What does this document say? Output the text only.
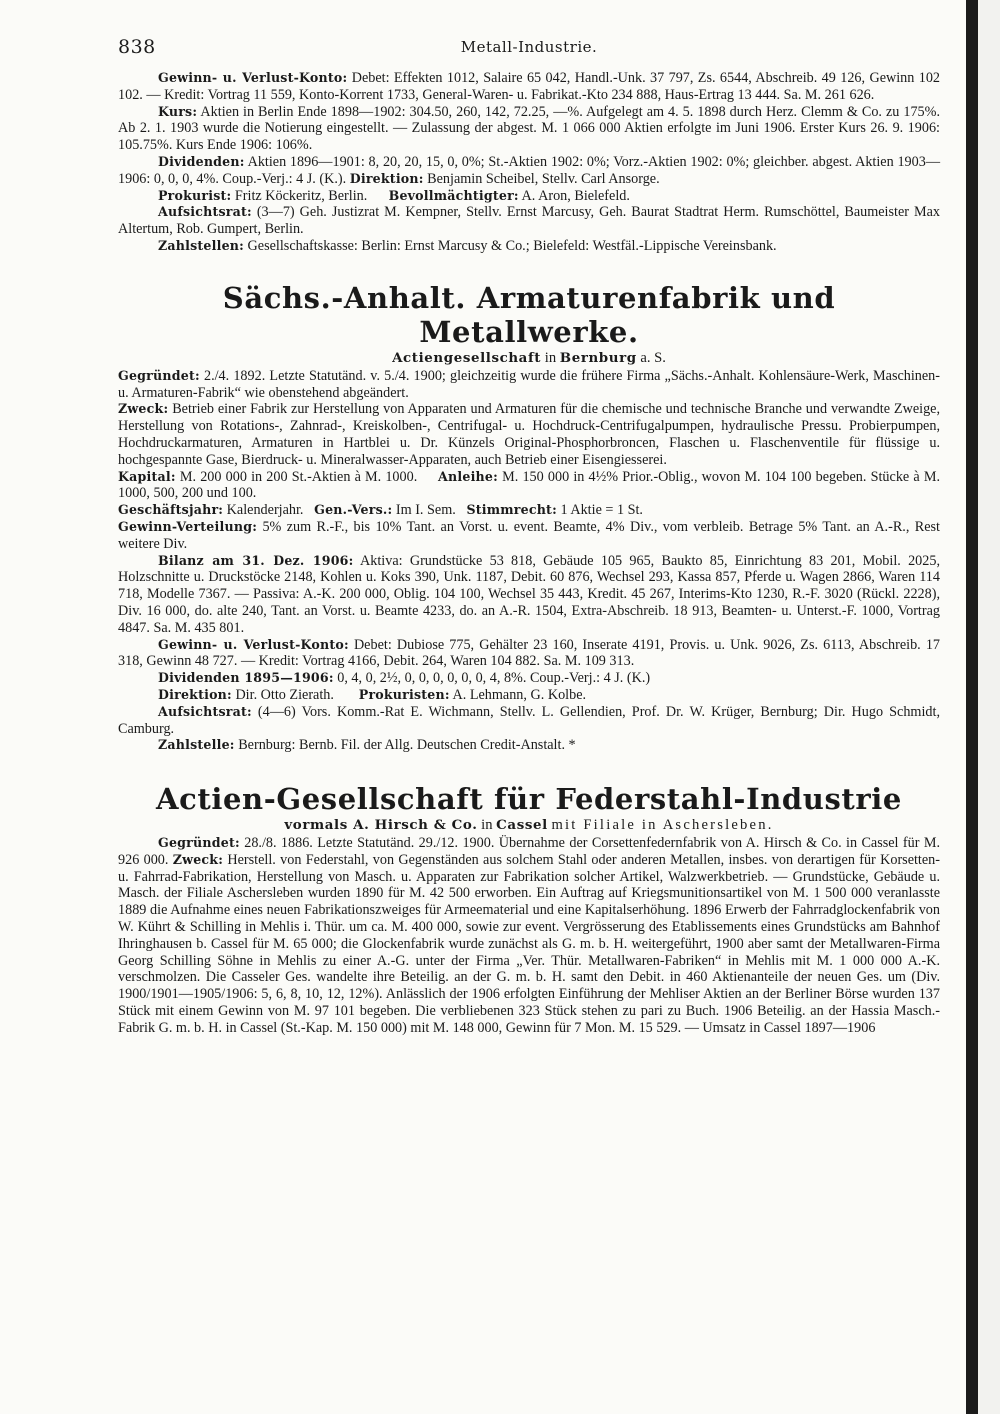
838	Metall-Industrie.

Gewinn- u. Verlust-Konto: Debet: Effekten 1012, Salaire 65 042, Handl.-Unk. 37 797, Zs. 6544, Abschreib. 49 126, Gewinn 102 102. — Kredit: Vortrag 11 559, Konto-Korrent 1733, General-Waren- u. Fabrikat.-Kto 234 888, Haus-Ertrag 13 444. Sa. M. 261 626.

Kurs: Aktien in Berlin Ende 1898—1902: 304.50, 260, 142, 72.25, —%. Aufgelegt am 4. 5. 1898 durch Herz. Clemm & Co. zu 175%. Ab 2. 1. 1903 wurde die Notierung eingestellt. — Zulassung der abgest. M. 1 066 000 Aktien erfolgte im Juni 1906. Erster Kurs 26. 9. 1906: 105.75%. Kurs Ende 1906: 106%.

Dividenden: Aktien 1896—1901: 8, 20, 20, 15, 0, 0%; St.-Aktien 1902: 0%; Vorz.-Aktien 1902: 0%; gleichber. abgest. Aktien 1903—1906: 0, 0, 0, 4%. Coup.-Verj.: 4 J. (K.). Direktion: Benjamin Scheibel, Stellv. Carl Ansorge.

Prokurist: Fritz Köckeritz, Berlin. Bevollmächtigter: A. Aron, Bielefeld.

Aufsichtsrat: (3—7) Geh. Justizrat M. Kempner, Stellv. Ernst Marcusy, Geh. Baurat Stadtrat Herm. Rumschöttel, Baumeister Max Altertum, Rob. Gumpert, Berlin.

Zahlstellen: Gesellschaftskasse: Berlin: Ernst Marcusy & Co.; Bielefeld: Westfäl.-Lippische Vereinsbank.

Sächs.-Anhalt. Armaturenfabrik und Metallwerke.

Actiengesellschaft in Bernburg a. S.

Gegründet: 2./4. 1892. Letzte Statutänd. v. 5./4. 1900; gleichzeitig wurde die frühere Firma „Sächs.-Anhalt. Kohlensäure-Werk, Maschinen- u. Armaturen-Fabrik“ wie obenstehend abgeändert.

Zweck: Betrieb einer Fabrik zur Herstellung von Apparaten und Armaturen für die chemische und technische Branche und verwandte Zweige, Herstellung von Rotations-, Zahnrad-, Kreiskolben-, Centrifugal- u. Hochdruck-Centrifugalpumpen, hydraulische Pressu. Probierpumpen, Hochdruckarmaturen, Armaturen in Hartblei u. Dr. Künzels Original-Phosphorbroncen, Flaschen u. Flaschenventile für flüssige u. hochgespannte Gase, Bierdruck- u. Mineralwasser-Apparaten, auch Betrieb einer Eisengiesserei.

Kapital: M. 200 000 in 200 St.-Aktien à M. 1000. Anleihe: M. 150 000 in 4½% Prior.-Oblig., wovon M. 104 100 begeben. Stücke à M. 1000, 500, 200 und 100.

Geschäftsjahr: Kalenderjahr. Gen.-Vers.: Im I. Sem. Stimmrecht: 1 Aktie = 1 St.

Gewinn-Verteilung: 5% zum R.-F., bis 10% Tant. an Vorst. u. event. Beamte, 4% Div., vom verbleib. Betrage 5% Tant. an A.-R., Rest weitere Div.

Bilanz am 31. Dez. 1906: Aktiva: Grundstücke 53 818, Gebäude 105 965, Baukto 85, Einrichtung 83 201, Mobil. 2025, Holzschnitte u. Druckstöcke 2148, Kohlen u. Koks 390, Unk. 1187, Debit. 60 876, Wechsel 293, Kassa 857, Pferde u. Wagen 2866, Waren 114 718, Modelle 7367. — Passiva: A.-K. 200 000, Oblig. 104 100, Wechsel 35 443, Kredit. 45 267, Interims-Kto 1230, R.-F. 3020 (Rückl. 2228), Div. 16 000, do. alte 240, Tant. an Vorst. u. Beamte 4233, do. an A.-R. 1504, Extra-Abschreib. 18 913, Beamten- u. Unterst.-F. 1000, Vortrag 4847. Sa. M. 435 801.

Gewinn- u. Verlust-Konto: Debet: Dubiose 775, Gehälter 23 160, Inserate 4191, Provis. u. Unk. 9026, Zs. 6113, Abschreib. 17 318, Gewinn 48 727. — Kredit: Vortrag 4166, Debit. 264, Waren 104 882. Sa. M. 109 313.

Dividenden 1895—1906: 0, 4, 0, 2½, 0, 0, 0, 0, 0, 0, 4, 8%. Coup.-Verj.: 4 J. (K.)

Direktion: Dir. Otto Zierath. Prokuristen: A. Lehmann, G. Kolbe.

Aufsichtsrat: (4—6) Vors. Komm.-Rat E. Wichmann, Stellv. L. Gellendien, Prof. Dr. W. Krüger, Bernburg; Dir. Hugo Schmidt, Camburg.

Zahlstelle: Bernburg: Bernb. Fil. der Allg. Deutschen Credit-Anstalt. *

Actien-Gesellschaft für Federstahl-Industrie

vormals A. Hirsch & Co. in Cassel mit Filiale in Aschersleben.

Gegründet: 28./8. 1886. Letzte Statutänd. 29./12. 1900. Übernahme der Corsettenfedernfabrik von A. Hirsch & Co. in Cassel für M. 926 000. Zweck: Herstell. von Federstahl, von Gegenständen aus solchem Stahl oder anderen Metallen, insbes. von derartigen für Korsetten- u. Fahrrad-Fabrikation, Herstellung von Masch. u. Apparaten zur Fabrikation solcher Artikel, Walzwerkbetrieb. — Grundstücke, Gebäude u. Masch. der Filiale Aschersleben wurden 1890 für M. 42 500 erworben. Ein Auftrag auf Kriegsmunitionsartikel von M. 1 500 000 veranlasste 1889 die Aufnahme eines neuen Fabrikationszweiges für Armeematerial und eine Kapitalserhöhung. 1896 Erwerb der Fahrradglockenfabrik von W. Kührt & Schilling in Mehlis i. Thür. um ca. M. 400 000, sowie zur event. Vergrösserung des Etablissements eines Grundstücks am Bahnhof Ihringhausen b. Cassel für M. 65 000; die Glockenfabrik wurde zunächst als G. m. b. H. weitergeführt, 1900 aber samt der Metallwaren-Firma Georg Schilling Söhne in Mehlis zu einer A.-G. unter der Firma „Ver. Thür. Metallwaren-Fabriken“ in Mehlis mit M. 1 000 000 A.-K. verschmolzen. Die Casseler Ges. wandelte ihre Beteilig. an der G. m. b. H. samt den Debit. in 460 Aktienanteile der neuen Ges. um (Div. 1900/1901—1905/1906: 5, 6, 8, 10, 12, 12%). Anlässlich der 1906 erfolgten Einführung der Mehliser Aktien an der Berliner Börse wurden 137 Stück mit einem Gewinn von M. 97 101 begeben. Die verbliebenen 323 Stück stehen zu pari zu Buch. 1906 Beteilig. an der Hassia Masch.-Fabrik G. m. b. H. in Cassel (St.-Kap. M. 150 000) mit M. 148 000, Gewinn für 7 Mon. M. 15 529. — Umsatz in Cassel 1897—1906
